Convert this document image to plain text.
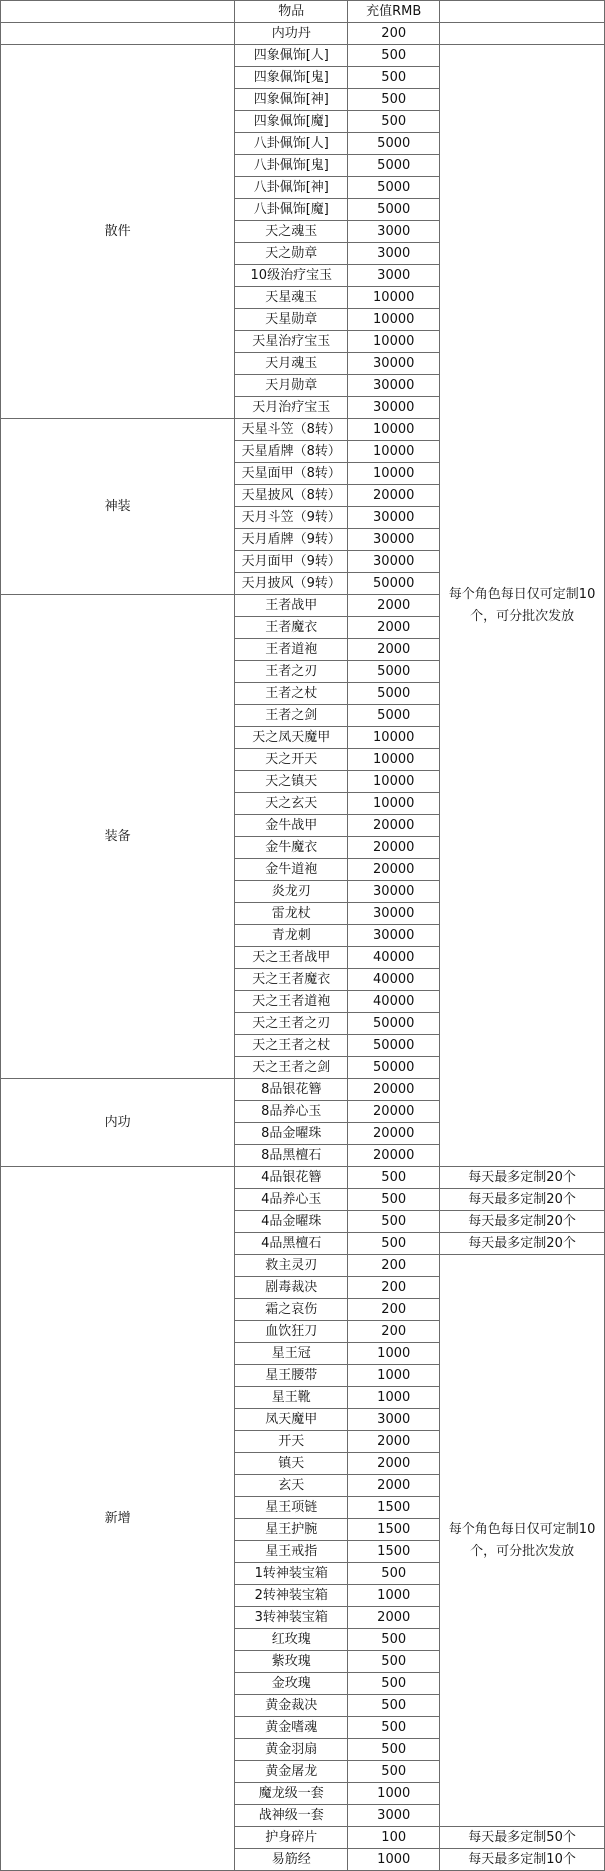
	物品	充值RMB	
	内功丹	200	
散件	四象佩饰[人]	500	每个角色每日仅可定制10个，可分批次发放
	四象佩饰[鬼]	500	
	四象佩饰[神]	500	
	四象佩饰[魔]	500	
	八卦佩饰[人]	5000	
	八卦佩饰[鬼]	5000	
	八卦佩饰[神]	5000	
	八卦佩饰[魔]	5000	
	天之魂玉	3000	
	天之勋章	3000	
	10级治疗宝玉	3000	
	天星魂玉	10000	
	天星勋章	10000	
	天星治疗宝玉	10000	
	天月魂玉	30000	
	天月勋章	30000	
	天月治疗宝玉	30000	
神装	天星斗笠（8转）	10000	
	天星盾牌（8转）	10000	
	天星面甲（8转）	10000	
	天星披风（8转）	20000	
	天月斗笠（9转）	30000	
	天月盾牌（9转）	30000	
	天月面甲（9转）	30000	
	天月披风（9转）	50000	
装备	王者战甲	2000	
	王者魔衣	2000	
	王者道袍	2000	
	王者之刃	5000	
	王者之杖	5000	
	王者之剑	5000	
	天之凤天魔甲	10000	
	天之开天	10000	
	天之镇天	10000	
	天之玄天	10000	
	金牛战甲	20000	
	金牛魔衣	20000	
	金牛道袍	20000	
	炎龙刃	30000	
	雷龙杖	30000	
	青龙刺	30000	
	天之王者战甲	40000	
	天之王者魔衣	40000	
	天之王者道袍	40000	
	天之王者之刃	50000	
	天之王者之杖	50000	
	天之王者之剑	50000	
内功	8品银花簪	20000	
	8品养心玉	20000	
	8品金曜珠	20000	
	8品黑檀石	20000	
新增	4品银花簪	500	每天最多定制20个
	4品养心玉	500	每天最多定制20个
	4品金曜珠	500	每天最多定制20个
	4品黑檀石	500	每天最多定制20个
	救主灵刃	200	每个角色每日仅可定制10个，可分批次发放
	剧毒裁决	200	
	霜之哀伤	200	
	血饮狂刀	200	
	星王冠	1000	
	星王腰带	1000	
	星王靴	1000	
	凤天魔甲	3000	
	开天	2000	
	镇天	2000	
	玄天	2000	
	星王项链	1500	
	星王护腕	1500	
	星王戒指	1500	
	1转神装宝箱	500	
	2转神装宝箱	1000	
	3转神装宝箱	2000	
	红玫瑰	500	
	紫玫瑰	500	
	金玫瑰	500	
	黄金裁决	500	
	黄金嗜魂	500	
	黄金羽扇	500	
	黄金屠龙	500	
	魔龙级一套	1000	
	战神级一套	3000	
	护身碎片	100	每天最多定制50个
	易筋经	1000	每天最多定制10个
